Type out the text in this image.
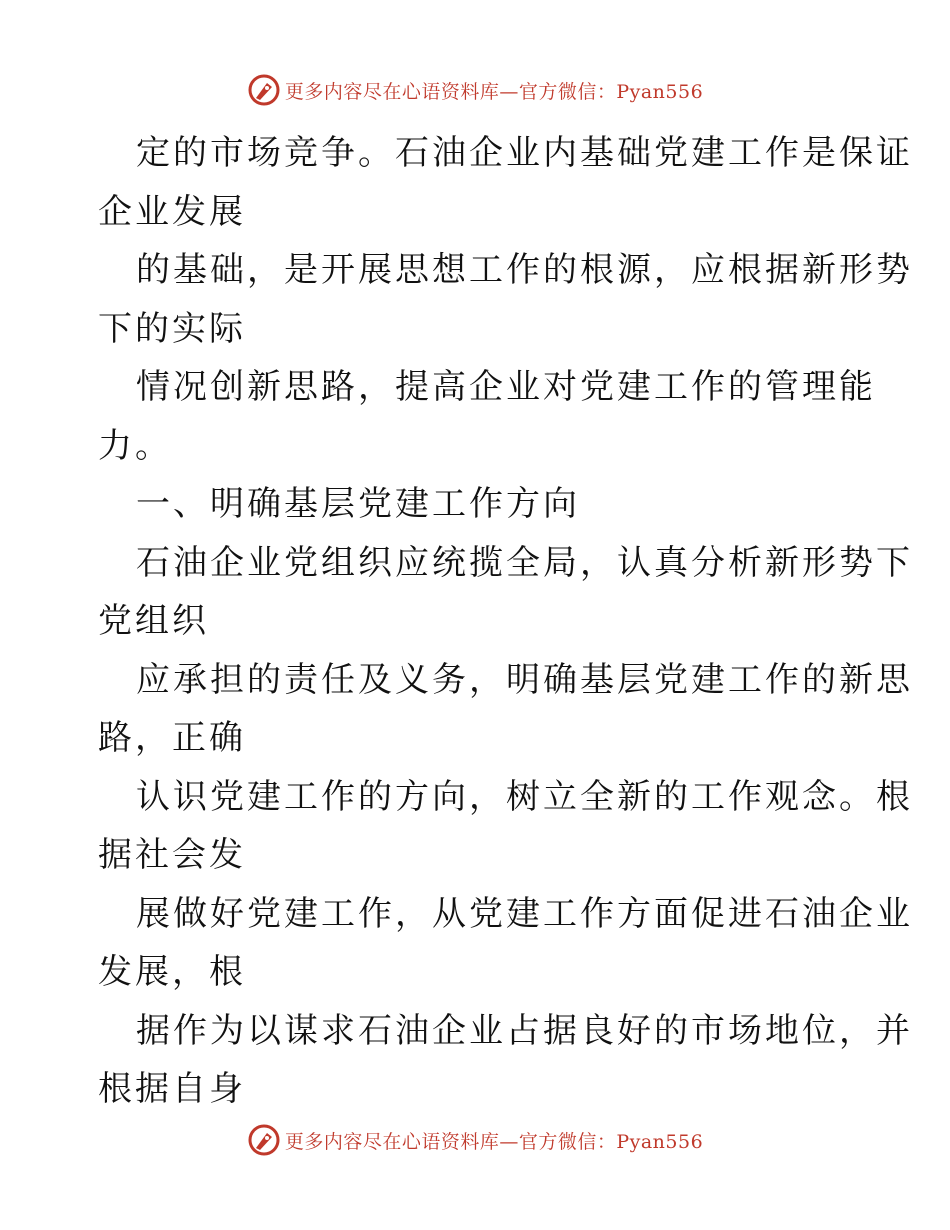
更多内容尽在心语资料库—官方微信：Pyan556
定的市场竞争。石油企业内基础党建工作是保证
企业发展
的基础，是开展思想工作的根源，应根据新形势
下的实际
情况创新思路，提高企业对党建工作的管理能
力。
一、明确基层党建工作方向
石油企业党组织应统揽全局，认真分析新形势下
党组织
应承担的责任及义务，明确基层党建工作的新思
路，正确
认识党建工作的方向，树立全新的工作观念。根
据社会发
展做好党建工作，从党建工作方面促进石油企业
发展，根
据作为以谋求石油企业占据良好的市场地位，并
根据自身
更多内容尽在心语资料库—官方微信：Pyan556
